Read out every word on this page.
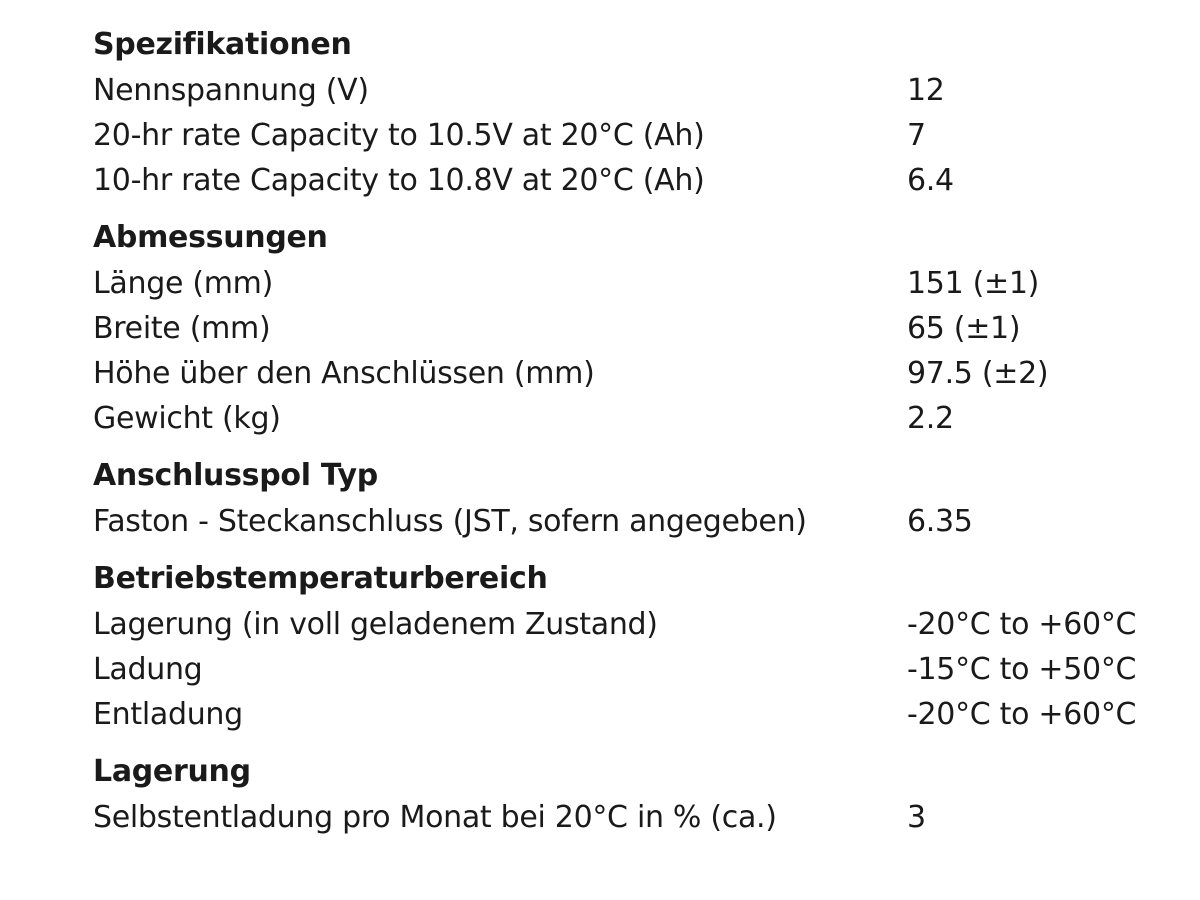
Spezifikationen
Nennspannung (V)	12
20-hr rate Capacity to 10.5V at 20°C (Ah)	7
10-hr rate Capacity to 10.8V at 20°C (Ah)	6.4
Abmessungen
Länge (mm)	151 (±1)
Breite (mm)	65 (±1)
Höhe über den Anschlüssen (mm)	97.5 (±2)
Gewicht (kg)	2.2
Anschlusspol Typ
Faston - Steckanschluss (JST, sofern angegeben)	6.35
Betriebstemperaturbereich
Lagerung (in voll geladenem Zustand)	-20°C to +60°C
Ladung	-15°C to +50°C
Entladung	-20°C to +60°C
Lagerung
Selbstentladung pro Monat bei 20°C in % (ca.)	3
